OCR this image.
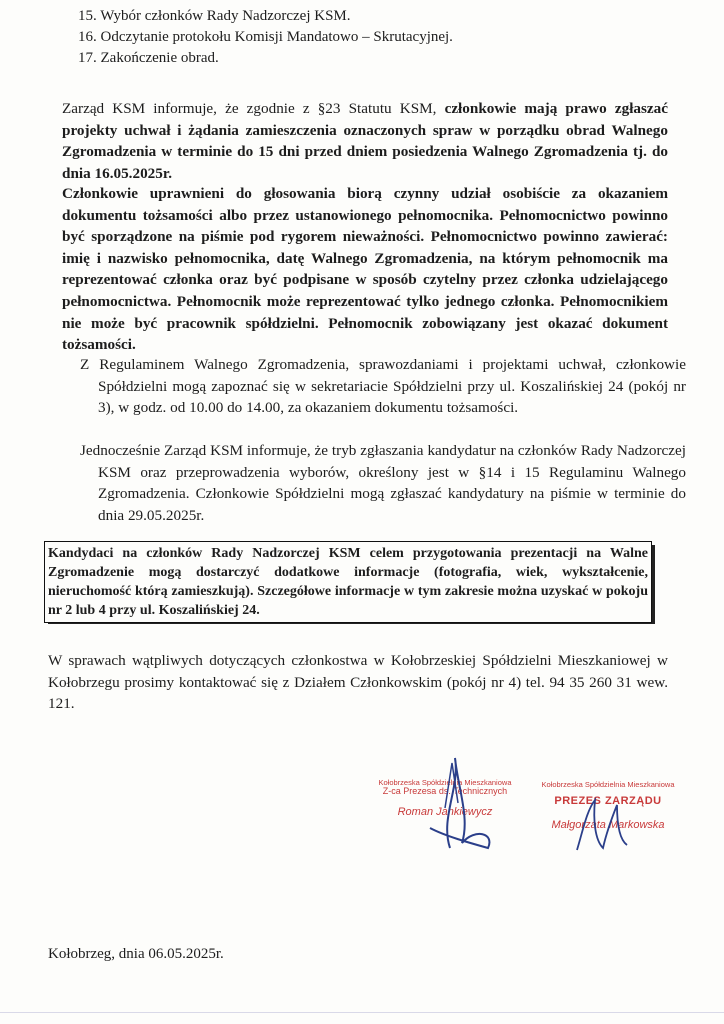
15. Wybór członków Rady Nadzorczej KSM.
16. Odczytanie protokołu Komisji Mandatowo – Skrutacyjnej.
17. Zakończenie obrad.

Zarząd KSM informuje, że zgodnie z §23 Statutu KSM, członkowie mają prawo zgłaszać projekty uchwał i żądania zamieszczenia oznaczonych spraw w porządku obrad Walnego Zgromadzenia w terminie do 15 dni przed dniem posiedzenia Walnego Zgromadzenia tj. do dnia 16.05.2025r.

Członkowie uprawnieni do głosowania biorą czynny udział osobiście za okazaniem dokumentu tożsamości albo przez ustanowionego pełnomocnika. Pełnomocnictwo powinno być sporządzone na piśmie pod rygorem nieważności. Pełnomocnictwo powinno zawierać: imię i nazwisko pełnomocnika, datę Walnego Zgromadzenia, na którym pełnomocnik ma reprezentować członka oraz być podpisane w sposób czytelny przez członka udzielającego pełnomocnictwa. Pełnomocnik może reprezentować tylko jednego członka. Pełnomocnikiem nie może być pracownik spółdzielni. Pełnomocnik zobowiązany jest okazać dokument tożsamości.

Z Regulaminem Walnego Zgromadzenia, sprawozdaniami i projektami uchwał, członkowie Spółdzielni mogą zapoznać się w sekretariacie Spółdzielni przy ul. Koszalińskiej 24 (pokój nr 3), w godz. od 10.00 do 14.00, za okazaniem dokumentu tożsamości.

Jednocześnie Zarząd KSM informuje, że tryb zgłaszania kandydatur na członków Rady Nadzorczej KSM oraz przeprowadzenia wyborów, określony jest w §14 i 15 Regulaminu Walnego Zgromadzenia. Członkowie Spółdzielni mogą zgłaszać kandydatury na piśmie w terminie do dnia 29.05.2025r.

Kandydaci na członków Rady Nadzorczej KSM celem przygotowania prezentacji na Walne Zgromadzenie mogą dostarczyć dodatkowe informacje (fotografia, wiek, wykształcenie, nieruchomość którą zamieszkują). Szczegółowe informacje w tym zakresie można uzyskać w pokoju nr 2 lub 4 przy ul. Koszalińskiej 24.

W sprawach wątpliwych dotyczących członkostwa w Kołobrzeskiej Spółdzielni Mieszkaniowej w Kołobrzegu prosimy kontaktować się z Działem Członkowskim (pokój nr 4) tel. 94 35 260 31 wew. 121.

Kołobrzeska Spółdzielnia Mieszkaniowa
Z-ca Prezesa ds. Technicznych
Roman Jankiewycz
Kołobrzeska Spółdzielnia Mieszkaniowa
PREZES ZARZĄDU
Małgorzata Markowska
Kołobrzeg, dnia 06.05.2025r.
